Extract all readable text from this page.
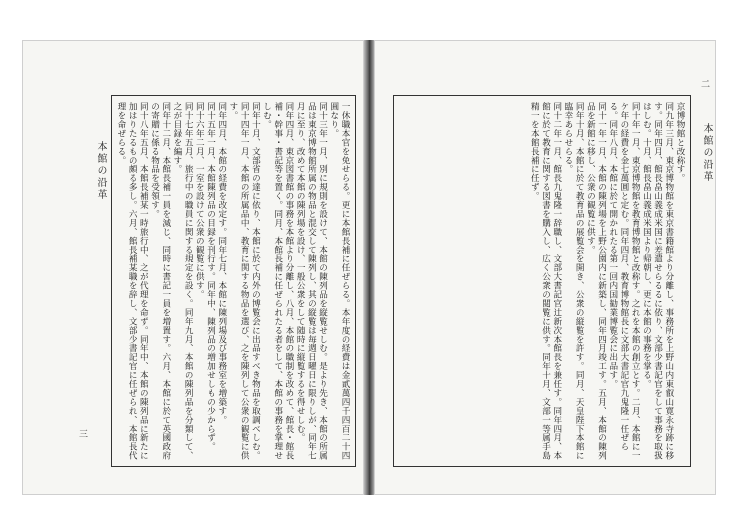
本館の沿革
三	一休職本官を免せらる。更に本館長補に任ぜらる。本年度の経費は金貳萬四千四百二十四圓なり。

同十三年一月、別に規則を設けて、本館の陳列品を縦覧せしむ。是より先き、本館の所属品は東京博物館所属の物品と混交して陳列し、其の縦覧は毎週日曜日に限りしが、同年七月に至り、改めて本館の陳列場を設け、一般公衆をして随時に縦覧するを得せしむ。

同年四月、東京図書館の事務を本館より分離し、八月、本館の職制を改めて、館長・館長補・幹事・書記等を置く。同月、本館長補に任ぜられたる者をして、本館の事務を掌理せしむ。

同年十月、文部省の達に依り、本館に於て内外の博覧会に出品すべき物品を取調べしむ。

同十四年一月、本館の所属品中、教育に関する物品を選び、之を陳列して公衆の観覧に供す。

同年四月、本館の経費を改定す。同年七月、本館に陳列場及び事務室を増築す。

同十五年一月、本館陳列品の目録を刊行す。同年中、陳列品の増加せしもの少からず。

同十六年二月、一室を設けて公衆の観覧に供す。

同十七年五月、旅行中の職員に関する規定を設く。同年九月、本館の陳列品を分類して、之が目録を編す。

同年十二月、本館長補一員を減じ、同時に書記一員を増置す。六月、本館に於て英國政府の寄贈に係る物品を受領す。

同十八年五月、本館長補某一時旅行中、之が代理を命ず。同年中、本館の陳列品に新たに加はりたるもの頗る多し。六月、館長補某職を辞し、文部少書記官に任ぜられ、本館長代理を命ぜらる。	本館の沿革
二

京博物館と改称す。

同九年三月、東京博物館を東京書籍館より分離し、事務所を上野山内東叡山寛永寺跡に移す。同年四月、館長畠山義成米国に差遣せらるるに依り、文部少書記官をして事務を取扱はしむ。十月、館長畠山義成米国より帰朝し、更に本館の事務を掌る。

同十年一月、東京博物館を教育博物館と改称す。之れを本館の創立とす。二月、本館に一ケ年の経費を金七萬圓と定む。同年四月、教育博物館長に文部大書記官九鬼隆一任ぜらる。同年八月、本館に於て開かれたる第一回内国勧業博覧会に出品す。

同十一年一月、本館の陳列場を上野公園内に新築し、同年四月竣工す。五月、本館の陳列品を新館に移し、公衆の観覧に供す。

同年十月、本館に於て教育品の展覧会を開き、公衆の縦覧を許す。同月、天皇陛下本館に臨幸あらせらる。

同十二年一月、館長九鬼隆一辞職し、文部大書記官辻新次本館長を兼任す。同年四月、本館に於て教育に関する図書を購入し、広く公衆の閲覧に供す。同年十月、文部一等属手島精一を本館長補に任ず。
